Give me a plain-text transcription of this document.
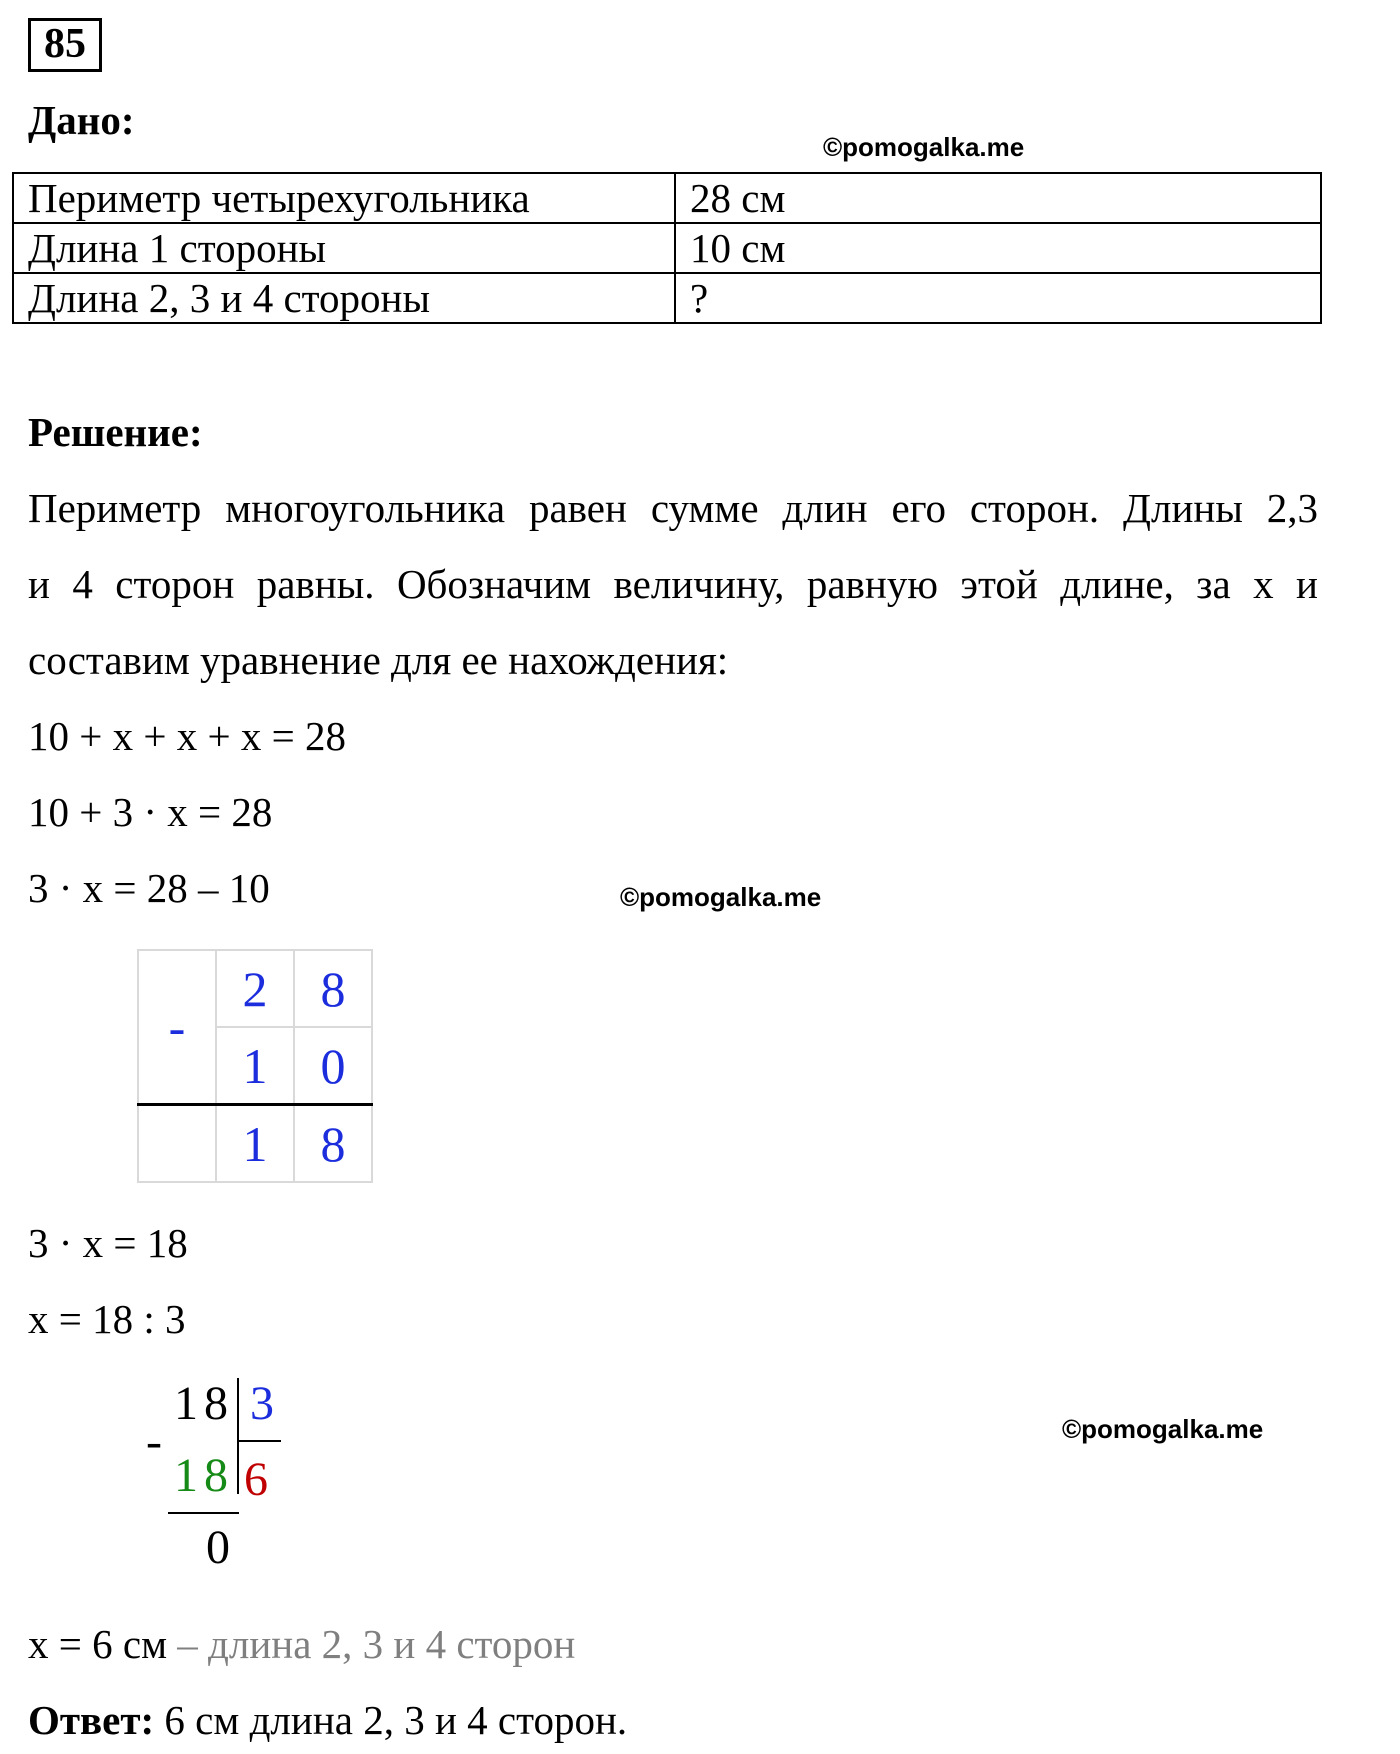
85
Дано:
©pomogalka.me
Периметр четырехугольника	28 см
Длина 1 стороны	10 см
Длина 2, 3 и 4 стороны	?
Решение:
Периметр многоугольника равен сумме длин его сторон. Длины 2,3
и 4 сторон равны. Обозначим величину, равную этой длине, за х и
составим уравнение для ее нахождения:
10 + х + х + х = 28
10 + 3 · х = 28
3 · х = 28 – 10	©pomogalka.me
-	2	8
	1	0
	1	8
3 · х = 18
х = 18 : 3
18 3
-
18 6
0
©pomogalka.me
х = 6 см – длина 2, 3 и 4 сторон
Ответ: 6 см длина 2, 3 и 4 сторон.
